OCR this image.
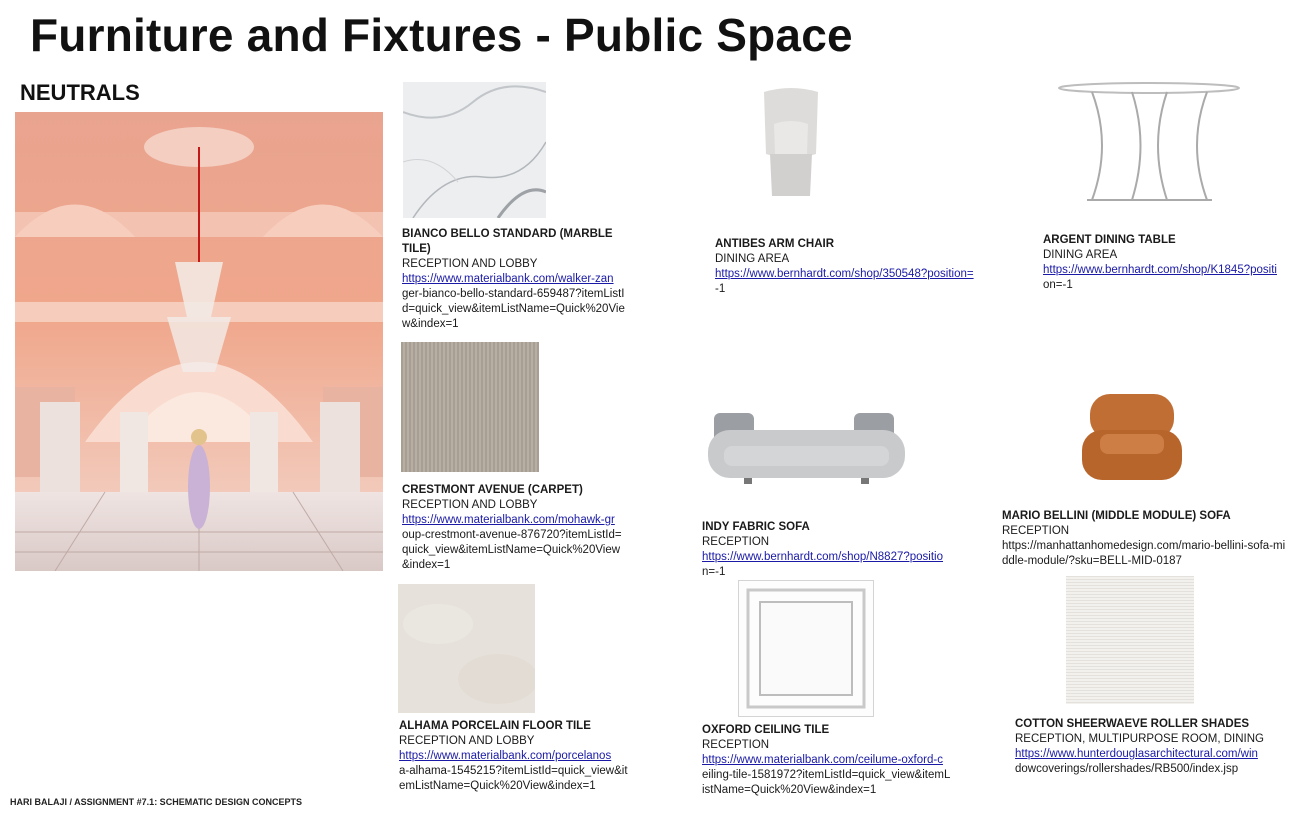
Furniture and Fixtures - Public Space
NEUTRALS
BIANCO BELLO STANDARD (MARBLE TILE)
RECEPTION AND LOBBY
https://www.materialbank.com/walker-zan
ger-bianco-bello-standard-659487?itemListId=quick_view&itemListName=Quick%20View&index=1
CRESTMONT AVENUE (CARPET)
RECEPTION AND LOBBY
https://www.materialbank.com/mohawk-gr
oup-crestmont-avenue-876720?itemListId=quick_view&itemListName=Quick%20View&index=1
ALHAMA PORCELAIN FLOOR TILE
RECEPTION AND LOBBY
https://www.materialbank.com/porcelanos
a-alhama-1545215?itemListId=quick_view&itemListName=Quick%20View&index=1
ANTIBES ARM CHAIR
DINING AREA
https://www.bernhardt.com/shop/350548?position=
-1
INDY FABRIC SOFA
RECEPTION
https://www.bernhardt.com/shop/N8827?positio
n=-1
OXFORD CEILING TILE
RECEPTION
https://www.materialbank.com/ceilume-oxford-c
eiling-tile-1581972?itemListId=quick_view&itemListName=Quick%20View&index=1
ARGENT DINING TABLE
DINING AREA
https://www.bernhardt.com/shop/K1845?positi
on=-1
MARIO BELLINI (MIDDLE MODULE) SOFA
RECEPTION
https://manhattanhomedesign.com/mario-bellini-sofa-middle-module/?sku=BELL-MID-0187
COTTON SHEERWAEVE ROLLER SHADES
RECEPTION, MULTIPURPOSE ROOM, DINING
https://www.hunterdouglasarchitectural.com/win
dowcoverings/rollershades/RB500/index.jsp
HARI BALAJI / ASSIGNMENT #7.1: SCHEMATIC DESIGN CONCEPTS
